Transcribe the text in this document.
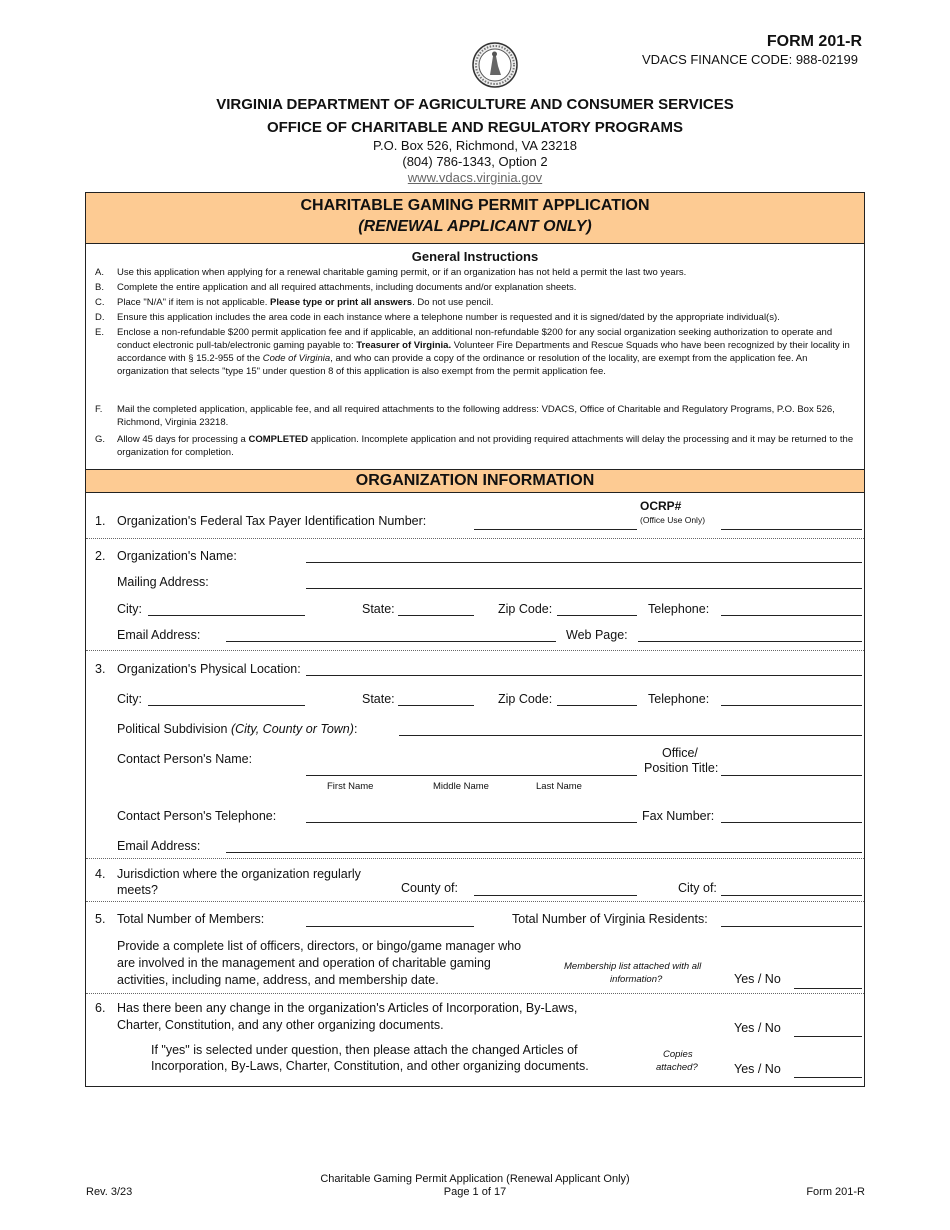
FORM 201-R
VDACS FINANCE CODE: 988-02199
VIRGINIA DEPARTMENT OF AGRICULTURE AND CONSUMER SERVICES
OFFICE OF CHARITABLE AND REGULATORY PROGRAMS
P.O. Box 526, Richmond, VA 23218
(804) 786-1343, Option 2
www.vdacs.virginia.gov
CHARITABLE GAMING PERMIT APPLICATION
(RENEWAL APPLICANT ONLY)
General Instructions
A. Use this application when applying for a renewal charitable gaming permit, or if an organization has not held a permit the last two years.
B. Complete the entire application and all required attachments, including documents and/or explanation sheets.
C. Place "N/A" if item is not applicable. Please type or print all answers. Do not use pencil.
D. Ensure this application includes the area code in each instance where a telephone number is requested and it is signed/dated by the appropriate individual(s).
E. Enclose a non-refundable $200 permit application fee and if applicable, an additional non-refundable $200 for any social organization seeking authorization to operate and conduct electronic pull-tab/electronic gaming payable to: Treasurer of Virginia. Volunteer Fire Departments and Rescue Squads who have been recognized by their locality in accordance with § 15.2-955 of the Code of Virginia, and who can provide a copy of the ordinance or resolution of the locality, are exempt from the application fee. An organization that selects "type 15" under question 8 of this application is also exempt from the permit application fee.
F. Mail the completed application, applicable fee, and all required attachments to the following address: VDACS, Office of Charitable and Regulatory Programs, P.O. Box 526, Richmond, Virginia 23218.
G. Allow 45 days for processing a COMPLETED application. Incomplete application and not providing required attachments will delay the processing and it may be returned to the organization for completion.
ORGANIZATION INFORMATION
1. Organization's Federal Tax Payer Identification Number:
OCRP#
(Office Use Only)
2. Organization's Name:
Mailing Address:
City:	State:	Zip Code:	Telephone:
Email Address:	Web Page:
3. Organization's Physical Location:
City:	State:	Zip Code:	Telephone:
Political Subdivision (City, County or Town):
Contact Person's Name:	Office/
Position Title:
First Name	Middle Name	Last Name
Contact Person's Telephone:	Fax Number:
Email Address:
4. Jurisdiction where the organization regularly
meets?	County of:	City of:
5. Total Number of Members:	Total Number of Virginia Residents:
Provide a complete list of officers, directors, or bingo/game manager who
are involved in the management and operation of charitable gaming
activities, including name, address, and membership date.
Membership list attached with all
information?	Yes / No
6. Has there been any change in the organization's Articles of Incorporation, By-Laws,
Charter, Constitution, and any other organizing documents.	Yes / No
If "yes" is selected under question, then please attach the changed Articles of
Incorporation, By-Laws, Charter, Constitution, and other organizing documents.
Copies
attached?	Yes / No
Charitable Gaming Permit Application (Renewal Applicant Only)
Page 1 of 17
Rev. 3/23	Form 201-R
